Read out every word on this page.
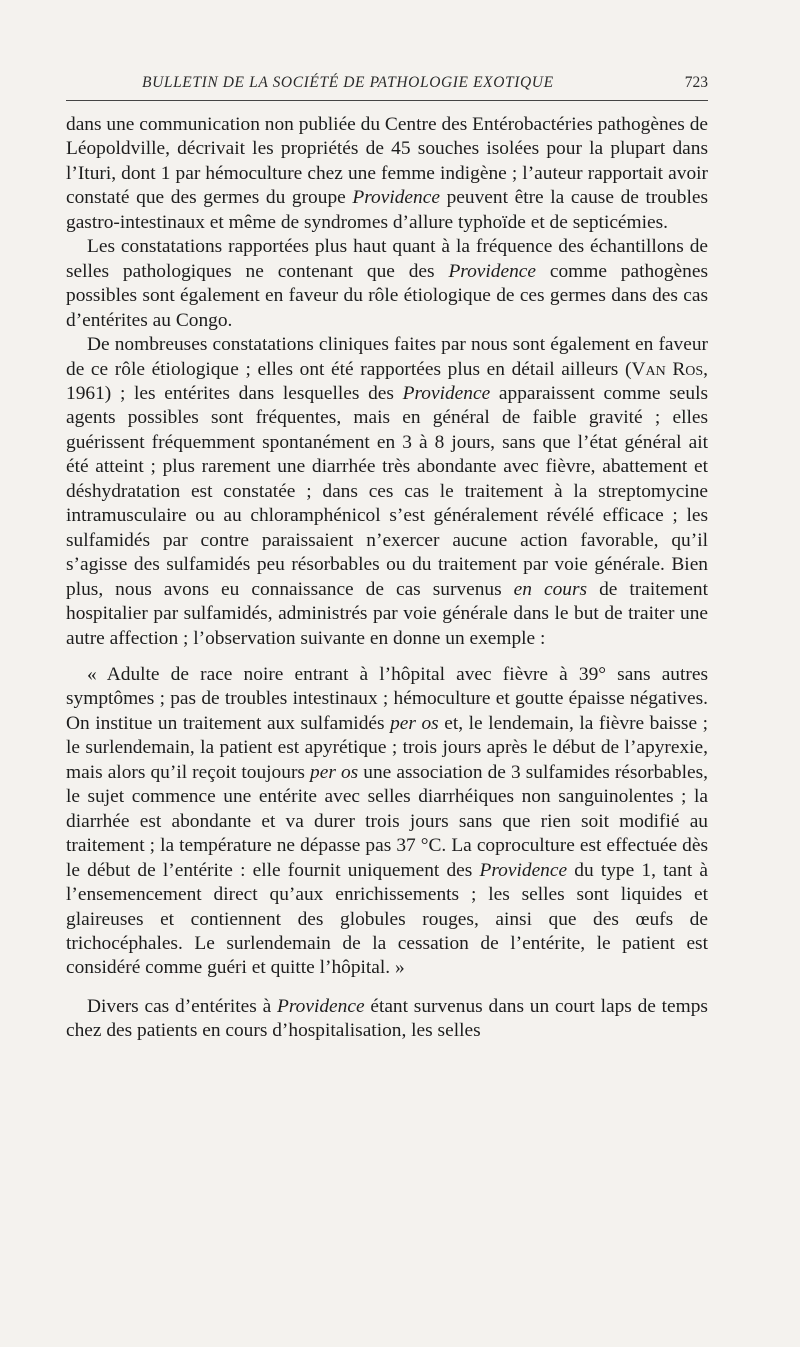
BULLETIN DE LA SOCIÉTÉ DE PATHOLOGIE EXOTIQUE	723

dans une communication non publiée du Centre des Entérobactéries pathogènes de Léopoldville, décrivait les propriétés de 45 souches isolées pour la plupart dans l’Ituri, dont 1 par hémoculture chez une femme indigène ; l’auteur rapportait avoir constaté que des germes du groupe Providence peuvent être la cause de troubles gastro-intestinaux et même de syndromes d’allure typhoïde et de septicémies.

Les constatations rapportées plus haut quant à la fréquence des échantillons de selles pathologiques ne contenant que des Providence comme pathogènes possibles sont également en faveur du rôle étiologique de ces germes dans des cas d’entérites au Congo.

De nombreuses constatations cliniques faites par nous sont également en faveur de ce rôle étiologique ; elles ont été rapportées plus en détail ailleurs (Van Ros, 1961) ; les entérites dans lesquelles des Providence apparaissent comme seuls agents possibles sont fréquentes, mais en général de faible gravité ; elles guérissent fréquemment spontanément en 3 à 8 jours, sans que l’état général ait été atteint ; plus rarement une diarrhée très abondante avec fièvre, abattement et déshydratation est constatée ; dans ces cas le traitement à la streptomycine intramusculaire ou au chloramphénicol s’est généralement révélé efficace ; les sulfamidés par contre paraissaient n’exercer aucune action favorable, qu’il s’agisse des sulfamidés peu résorbables ou du traitement par voie générale. Bien plus, nous avons eu connaissance de cas survenus en cours de traitement hospitalier par sulfamidés, administrés par voie générale dans le but de traiter une autre affection ; l’observation suivante en donne un exemple :

« Adulte de race noire entrant à l’hôpital avec fièvre à 39° sans autres symptômes ; pas de troubles intestinaux ; hémoculture et goutte épaisse négatives. On institue un traitement aux sulfamidés per os et, le lendemain, la fièvre baisse ; le surlendemain, la patient est apyrétique ; trois jours après le début de l’apyrexie, mais alors qu’il reçoit toujours per os une association de 3 sulfamides résorbables, le sujet commence une entérite avec selles diarrhéiques non sanguinolentes ; la diarrhée est abondante et va durer trois jours sans que rien soit modifié au traitement ; la température ne dépasse pas 37 °C. La coproculture est effectuée dès le début de l’entérite : elle fournit uniquement des Providence du type 1, tant à l’ensemencement direct qu’aux enrichissements ; les selles sont liquides et glaireuses et contiennent des globules rouges, ainsi que des œufs de trichocéphales. Le surlendemain de la cessation de l’entérite, le patient est considéré comme guéri et quitte l’hôpital. »

Divers cas d’entérites à Providence étant survenus dans un court laps de temps chez des patients en cours d’hospitalisation, les selles
